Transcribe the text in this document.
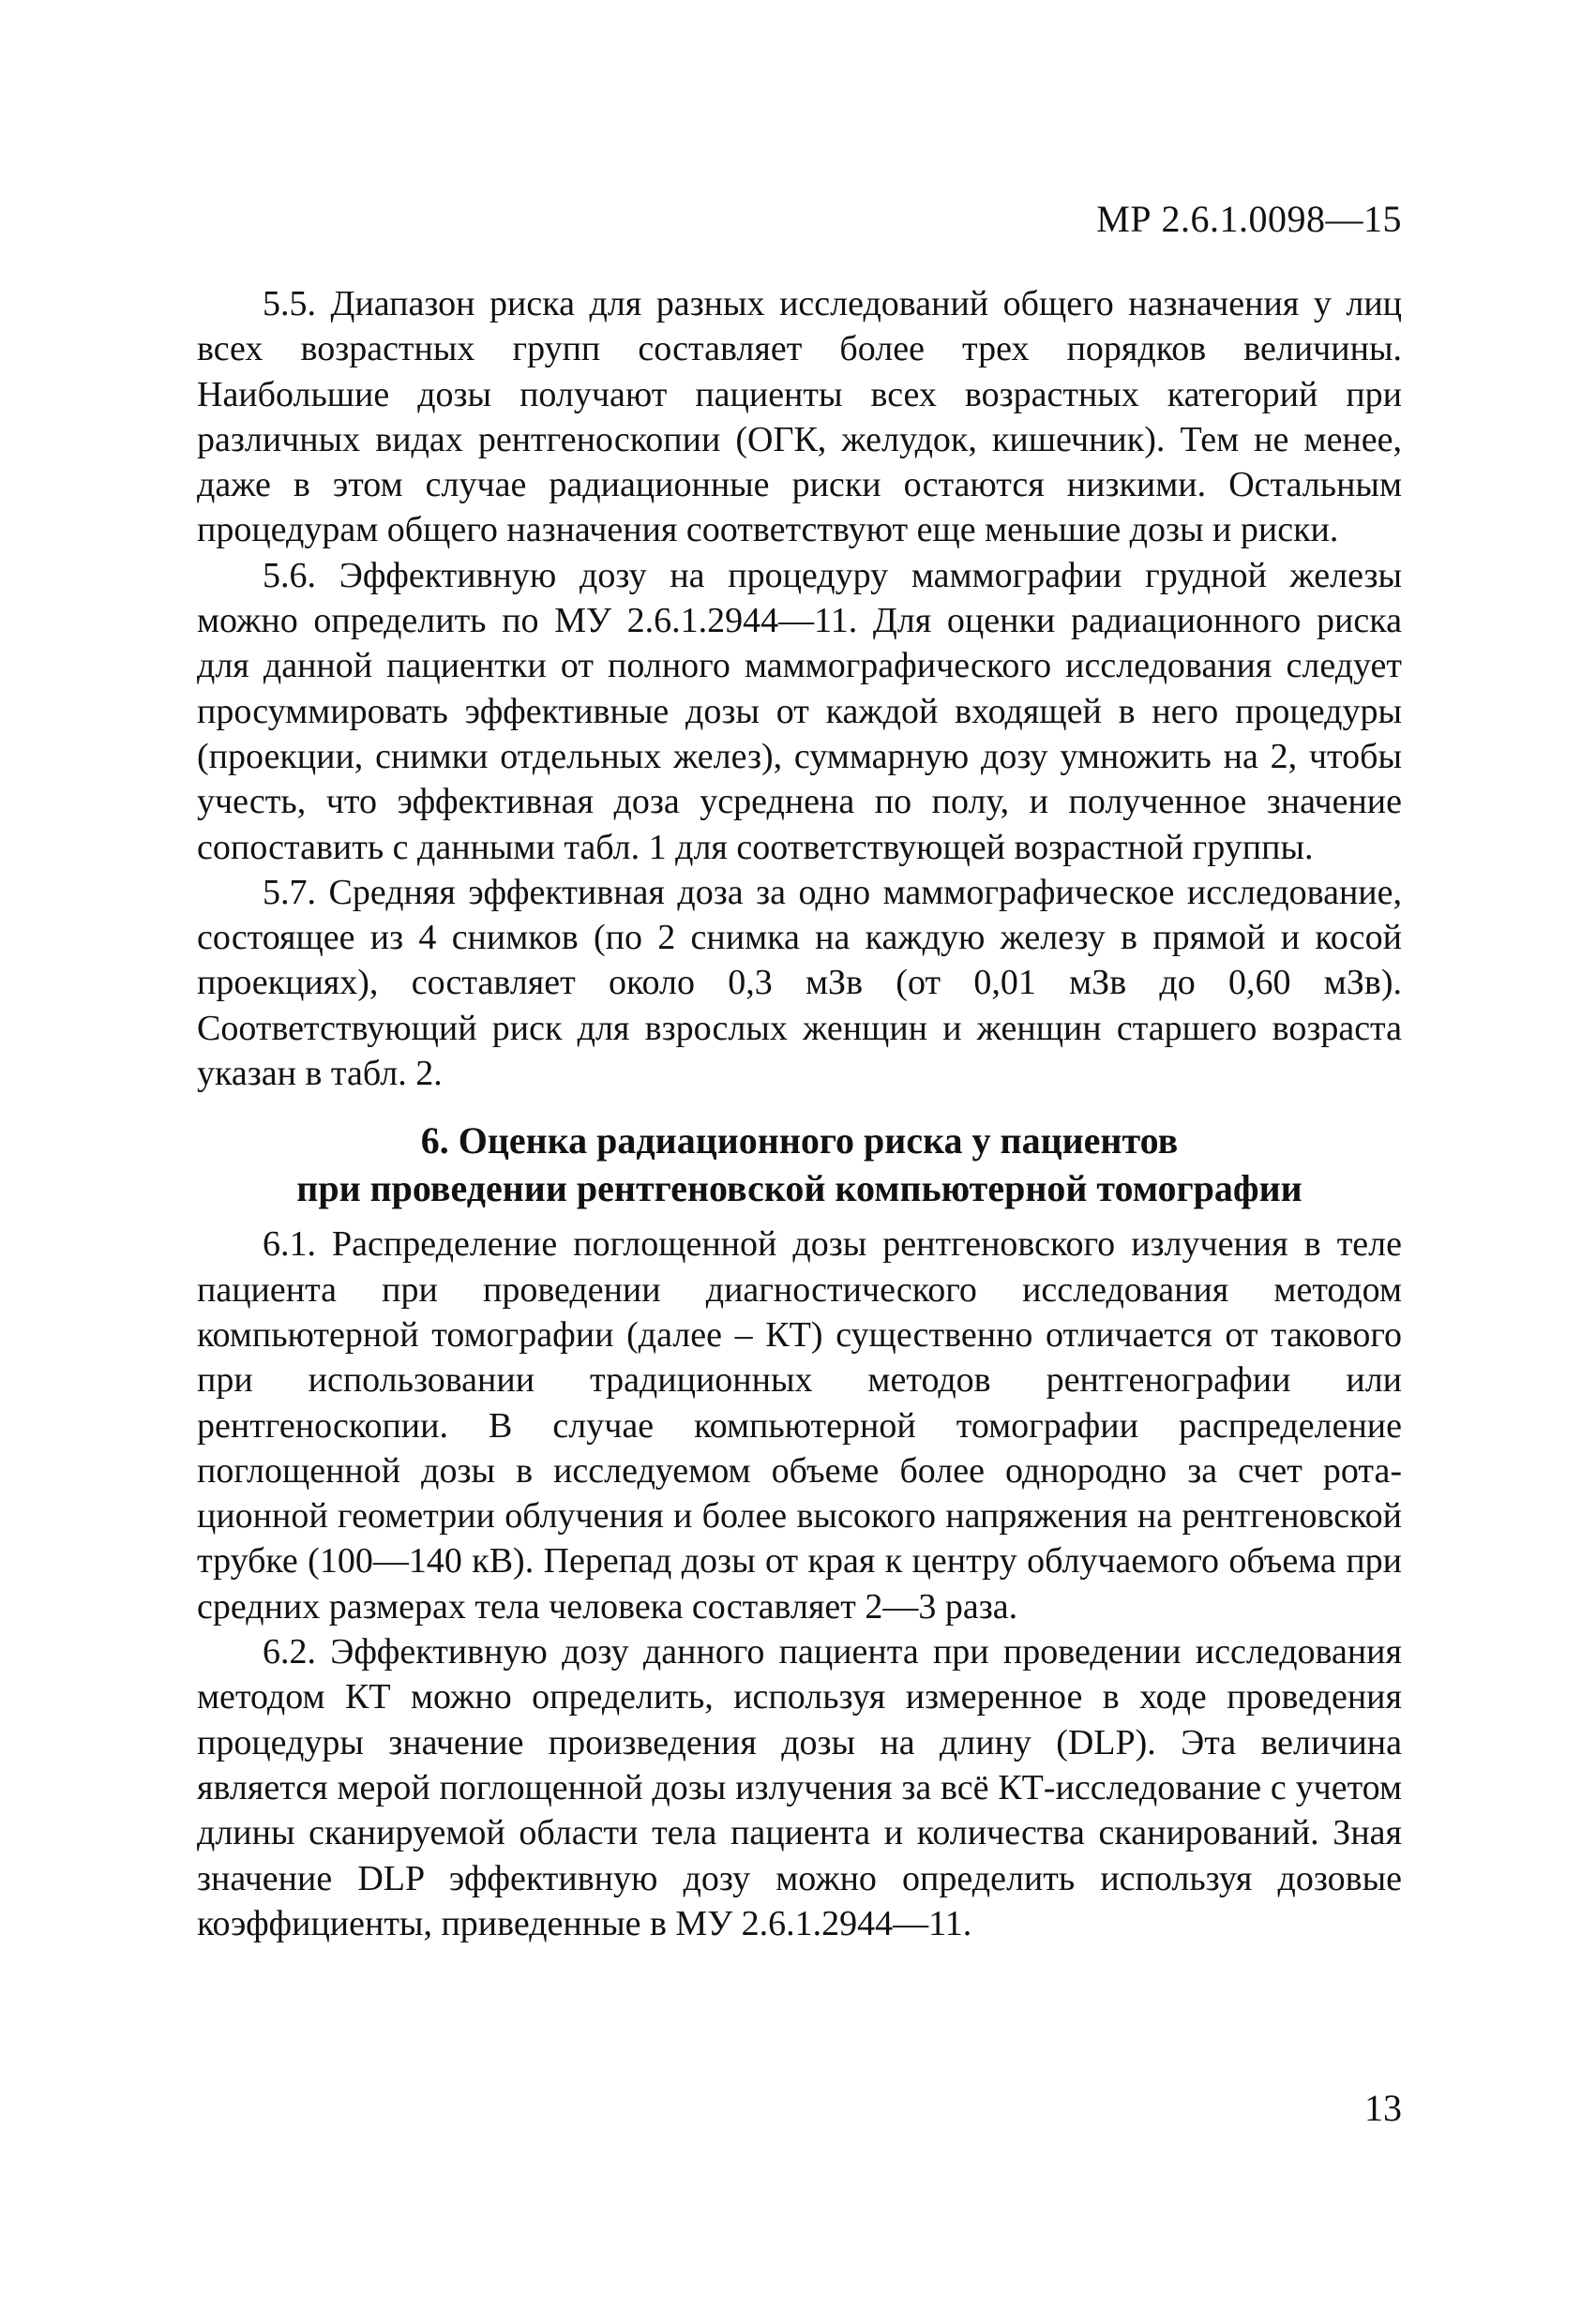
МР 2.6.1.0098—15

5.5. Диапазон риска для разных исследований общего назначения у лиц всех возрастных групп составляет более трех порядков величины. Наибольшие дозы получают пациенты всех возрастных категорий при различных видах рентгеноскопии (ОГК, желудок, кишечник). Тем не менее, даже в этом случае радиационные риски остаются низкими. Остальным процедурам общего назначения соответствуют еще меньшие дозы и риски.

5.6. Эффективную дозу на процедуру маммографии грудной железы можно определить по МУ 2.6.1.2944—11. Для оценки радиационного риска для данной пациентки от полного маммографического исследования следует просуммировать эффективные дозы от каждой входящей в него процедуры (проекции, снимки отдельных желез), суммарную дозу умножить на 2, чтобы учесть, что эффективная доза усреднена по полу, и полученное значение сопоставить с данными табл. 1 для соответствующей возрастной группы.

5.7. Средняя эффективная доза за одно маммографическое исследование, состоящее из 4 снимков (по 2 снимка на каждую железу в прямой и косой проекциях), составляет около 0,3 мЗв (от 0,01 мЗв до 0,60 мЗв). Соответствующий риск для взрослых женщин и женщин старшего возраста указан в табл. 2.

6. Оценка радиационного риска у пациентов
при проведении рентгеновской компьютерной томографии

6.1. Распределение поглощенной дозы рентгеновского излучения в теле пациента при проведении диагностического исследования методом компьютерной томографии (далее – КТ) существенно отличается от такового при использовании традиционных методов рентгенографии или рентгеноскопии. В случае компьютерной томографии распределение поглощенной дозы в исследуемом объеме более однородно за счет ротационной геометрии облучения и более высокого напряжения на рентгеновской трубке (100—140 кВ). Перепад дозы от края к центру облучаемого объема при средних размерах тела человека составляет 2—3 раза.

6.2. Эффективную дозу данного пациента при проведении исследования методом КТ можно определить, используя измеренное в ходе проведения процедуры значение произведения дозы на длину (DLP). Эта величина является мерой поглощенной дозы излучения за всё КТ-исследование с учетом длины сканируемой области тела пациента и количества сканирований. Зная значение DLP эффективную дозу можно определить используя дозовые коэффициенты, приведенные в МУ 2.6.1.2944—11.

13
